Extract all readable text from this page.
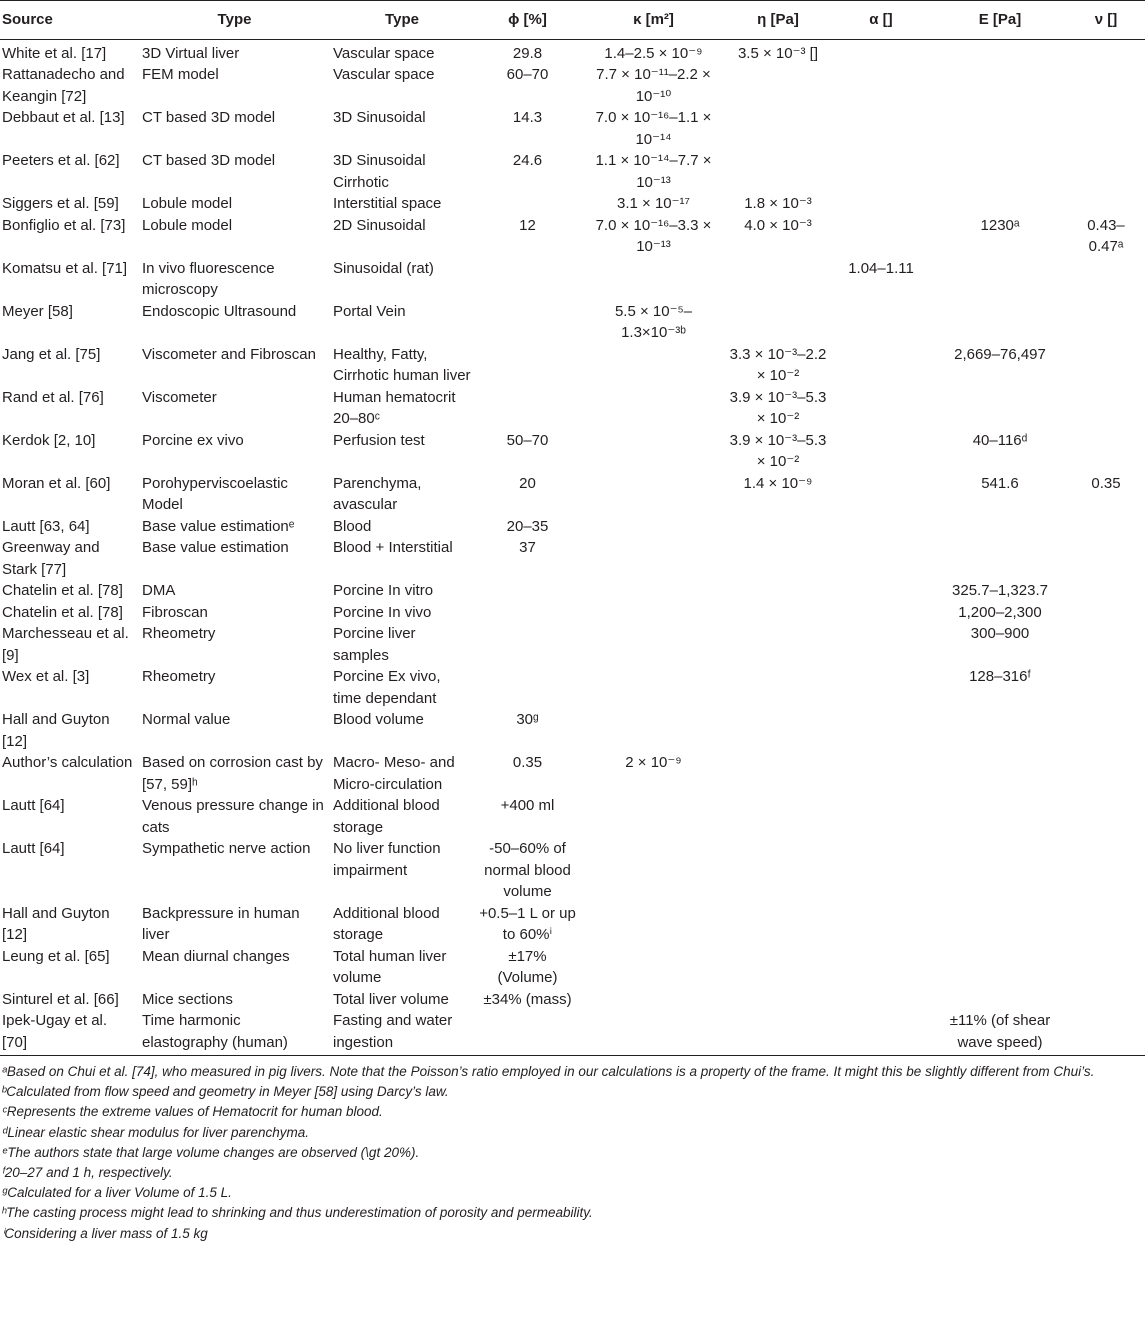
Source	Type	Type	ϕ [%]	κ [m²]	η [Pa]	α []	E [Pa]	ν []
White et al. [17]	3D Virtual liver	Vascular space	29.8	1.4–2.5 × 10⁻⁹	3.5 × 10⁻³ []			
Rattanadecho and Keangin [72]	FEM model	Vascular space	60–70	7.7 × 10⁻¹¹–2.2 × 10⁻¹⁰				
Debbaut et al. [13]	CT based 3D model	3D Sinusoidal	14.3	7.0 × 10⁻¹⁶–1.1 × 10⁻¹⁴				
Peeters et al. [62]	CT based 3D model	3D Sinusoidal Cirrhotic	24.6	1.1 × 10⁻¹⁴–7.7 × 10⁻¹³				
Siggers et al. [59]	Lobule model	Interstitial space		3.1 × 10⁻¹⁷	1.8 × 10⁻³			
Bonfiglio et al. [73]	Lobule model	2D Sinusoidal	12	7.0 × 10⁻¹⁶–3.3 × 10⁻¹³	4.0 × 10⁻³		1230ᵃ	0.43–0.47ᵃ
Komatsu et al. [71]	In vivo fluorescence microscopy	Sinusoidal (rat)				1.04–1.11		
Meyer [58]	Endoscopic Ultrasound	Portal Vein		5.5 × 10⁻⁵–1.3×10⁻³ᵇ				
Jang et al. [75]	Viscometer and Fibroscan	Healthy, Fatty, Cirrhotic human liver			3.3 × 10⁻³–2.2 × 10⁻²		2,669–76,497	
Rand et al. [76]	Viscometer	Human hematocrit 20–80ᶜ			3.9 × 10⁻³–5.3 × 10⁻²			
Kerdok [2, 10]	Porcine ex vivo	Perfusion test	50–70		3.9 × 10⁻³–5.3 × 10⁻²		40–116ᵈ	
Moran et al. [60]	Porohyperviscoelastic Model	Parenchyma, avascular	20		1.4 × 10⁻⁹		541.6	0.35
Lautt [63, 64]	Base value estimationᵉ	Blood	20–35					
Greenway and Stark [77]	Base value estimation	Blood + Interstitial	37					
Chatelin et al. [78]	DMA	Porcine In vitro					325.7–1,323.7	
Chatelin et al. [78]	Fibroscan	Porcine In vivo					1,200–2,300	
Marchesseau et al. [9]	Rheometry	Porcine liver samples					300–900	
Wex et al. [3]	Rheometry	Porcine Ex vivo, time dependant					128–316ᶠ	
Hall and Guyton [12]	Normal value	Blood volume	30ᵍ					
Author’s calculation	Based on corrosion cast by [57, 59]ʰ	Macro- Meso- and Micro-circulation	0.35	2 × 10⁻⁹				
Lautt [64]	Venous pressure change in cats	Additional blood storage	+400 ml					
Lautt [64]	Sympathetic nerve action	No liver function impairment	-50–60% of normal blood volume					
Hall and Guyton [12]	Backpressure in human liver	Additional blood storage	+0.5–1 L or up to 60%ⁱ					
Leung et al. [65]	Mean diurnal changes	Total human liver volume	±17% (Volume)					
Sinturel et al. [66]	Mice sections	Total liver volume	±34% (mass)					
Ipek-Ugay et al. [70]	Time harmonic elastography (human)	Fasting and water ingestion					±11% (of shear wave speed)	
ᵃBased on Chui et al. [74], who measured in pig livers. Note that the Poisson’s ratio employed in our calculations is a property of the frame. It might this be slightly different from Chui’s.
ᵇCalculated from flow speed and geometry in Meyer [58] using Darcy’s law.
ᶜRepresents the extreme values of Hematocrit for human blood.
ᵈLinear elastic shear modulus for liver parenchyma.
ᵉThe authors state that large volume changes are observed (\gt 20%).
ᶠ20–27 and 1 h, respectively.
ᵍCalculated for a liver Volume of 1.5 L.
ʰThe casting process might lead to shrinking and thus underestimation of porosity and permeability.
ⁱConsidering a liver mass of 1.5 kg
